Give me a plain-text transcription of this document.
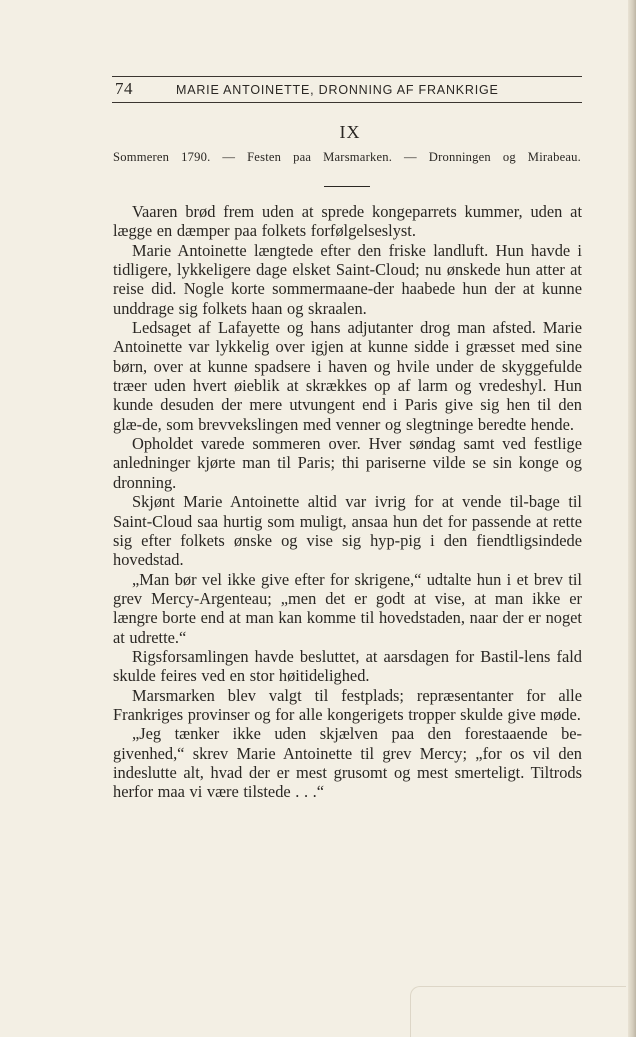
74	MARIE ANTOINETTE, DRONNING AF FRANKRIGE
IX
Sommeren 1790. — Festen paa Marsmarken. — Dronningen og Mirabeau.

Vaaren brød frem uden at sprede kongeparrets kummer, uden at lægge en dæmper paa folkets forfølgelseslyst.

Marie Antoinette længtede efter den friske landluft. Hun havde i tidligere, lykkeligere dage elsket Saint-Cloud; nu ønskede hun atter at reise did. Nogle korte sommermaane-der haabede hun der at kunne unddrage sig folkets haan og skraalen.

Ledsaget af Lafayette og hans adjutanter drog man afsted. Marie Antoinette var lykkelig over igjen at kunne sidde i græsset med sine børn, over at kunne spadsere i haven og hvile under de skyggefulde træer uden hvert øieblik at skrækkes op af larm og vredeshyl. Hun kunde desuden der mere utvungent end i Paris give sig hen til den glæ-de, som brevvekslingen med venner og slegtninge beredte hende.

Opholdet varede sommeren over. Hver søndag samt ved festlige anledninger kjørte man til Paris; thi pariserne vilde se sin konge og dronning.

Skjønt Marie Antoinette altid var ivrig for at vende til-bage til Saint-Cloud saa hurtig som muligt, ansaa hun det for passende at rette sig efter folkets ønske og vise sig hyp-pig i den fiendtligsindede hovedstad.

„Man bør vel ikke give efter for skrigene,“ udtalte hun i et brev til grev Mercy-Argenteau; „men det er godt at vise, at man ikke er længre borte end at man kan komme til hovedstaden, naar der er noget at udrette.“

Rigsforsamlingen havde besluttet, at aarsdagen for Bastil-lens fald skulde feires ved en stor høitidelighed.

Marsmarken blev valgt til festplads; repræsentanter for alle Frankriges provinser og for alle kongerigets tropper skulde give møde.

„Jeg tænker ikke uden skjælven paa den forestaaende be-givenhed,“ skrev Marie Antoinette til grev Mercy; „for os vil den indeslutte alt, hvad der er mest grusomt og mest smerteligt. Tiltrods herfor maa vi være tilstede . . .“
